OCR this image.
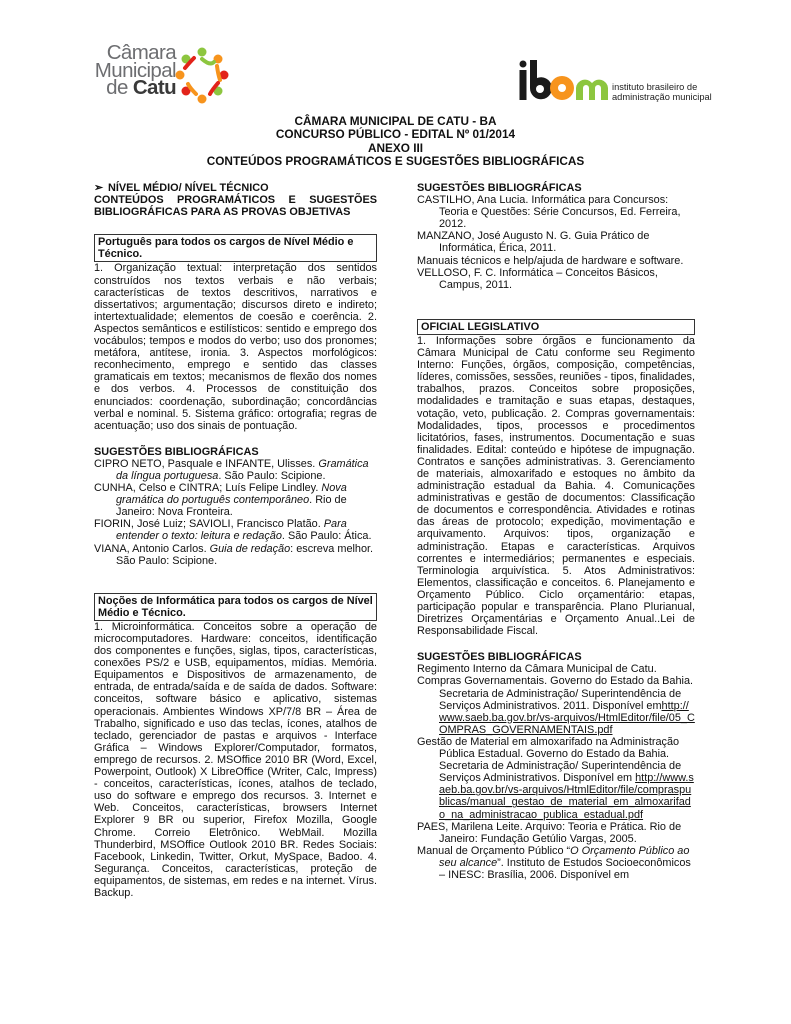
Câmara
Municipal
de Catu	instituto brasileiro de
administração municipal
CÂMARA MUNICIPAL DE CATU - BA
CONCURSO PÚBLICO - EDITAL Nº 01/2014
ANEXO III
CONTEÚDOS PROGRAMÁTICOS E SUGESTÕES BIBLIOGRÁFICAS
➢ NÍVEL MÉDIO/ NÍVEL TÉCNICO

CONTEÚDOS PROGRAMÁTICOS E SUGESTÕES BIBLIOGRÁFICAS PARA AS PROVAS OBJETIVAS

Português para todos os cargos de Nível Médio e Técnico.

1. Organização textual: interpretação dos sentidos construídos nos textos verbais e não verbais; características de textos descritivos, narrativos e dissertativos; argumentação; discursos direto e indireto; intertextualidade; elementos de coesão e coerência. 2. Aspectos semânticos e estilísticos: sentido e emprego dos vocábulos; tempos e modos do verbo; uso dos pronomes; metáfora, antítese, ironia. 3. Aspectos morfológicos: reconhecimento, emprego e sentido das classes gramaticais em textos; mecanismos de flexão dos nomes e dos verbos. 4. Processos de constituição dos enunciados: coordenação, subordinação; concordâncias verbal e nominal. 5. Sistema gráfico: ortografia; regras de acentuação; uso dos sinais de pontuação.

SUGESTÕES BIBLIOGRÁFICAS

CIPRO NETO, Pasquale e INFANTE, Ulisses. Gramática da língua portuguesa. São Paulo: Scipione.

CUNHA, Celso e CINTRA; Luís Felipe Lindley. Nova gramática do português contemporâneo. Rio de Janeiro: Nova Fronteira.

FIORIN, José Luiz; SAVIOLI, Francisco Platão. Para entender o texto: leitura e redação. São Paulo: Ática.

VIANA, Antonio Carlos. Guia de redação: escreva melhor. São Paulo: Scipione.

Noções de Informática para todos os cargos de Nível Médio e Técnico.

1. Microinformática. Conceitos sobre a operação de microcomputadores. Hardware: conceitos, identificação dos componentes e funções, siglas, tipos, características, conexões PS/2 e USB, equipamentos, mídias. Memória. Equipamentos e Dispositivos de armazenamento, de entrada, de entrada/saída e de saída de dados. Software: conceitos, software básico e aplicativo, sistemas operacionais. Ambientes Windows XP/7/8 BR – Área de Trabalho, significado e uso das teclas, ícones, atalhos de teclado, gerenciador de pastas e arquivos - Interface Gráfica – Windows Explorer/Computador, formatos, emprego de recursos. 2. MSOffice 2010 BR (Word, Excel, Powerpoint, Outlook) X LibreOffice (Writer, Calc, Impress) - conceitos, características, ícones, atalhos de teclado, uso do software e emprego dos recursos. 3. Internet e Web. Conceitos, características, browsers Internet Explorer 9 BR ou superior, Firefox Mozilla, Google Chrome. Correio Eletrônico. WebMail. Mozilla Thunderbird, MSOffice Outlook 2010 BR. Redes Sociais: Facebook, Linkedin, Twitter, Orkut, MySpace, Badoo. 4. Segurança. Conceitos, características, proteção de equipamentos, de sistemas, em redes e na internet. Vírus. Backup.

SUGESTÕES BIBLIOGRÁFICAS

CASTILHO, Ana Lucia. Informática para Concursos: Teoria e Questões: Série Concursos, Ed. Ferreira, 2012.

MANZANO, José Augusto N. G. Guia Prático de Informática, Érica, 2011.

Manuais técnicos e help/ajuda de hardware e software.

VELLOSO, F. C. Informática – Conceitos Básicos, Campus, 2011.

OFICIAL LEGISLATIVO

1. Informações sobre órgãos e funcionamento da Câmara Municipal de Catu conforme seu Regimento Interno: Funções, órgãos, composição, competências, líderes, comissões, sessões, reuniões - tipos, finalidades, trabalhos, prazos. Conceitos sobre proposições, modalidades e tramitação e suas etapas, destaques, votação, veto, publicação. 2. Compras governamentais: Modalidades, tipos, processos e procedimentos licitatórios, fases, instrumentos. Documentação e suas finalidades. Edital: conteúdo e hipótese de impugnação. Contratos e sanções administrativas. 3. Gerenciamento de materiais, almoxarifado e estoques no âmbito da administração estadual da Bahia. 4. Comunicações administrativas e gestão de documentos: Classificação de documentos e correspondência. Atividades e rotinas das áreas de protocolo; expedição, movimentação e arquivamento. Arquivos: tipos, organização e administração. Etapas e características. Arquivos correntes e intermediários; permanentes e especiais. Terminologia arquivística. 5. Atos Administrativos: Elementos, classificação e conceitos. 6. Planejamento e Orçamento Público. Ciclo orçamentário: etapas, participação popular e transparência. Plano Plurianual, Diretrizes Orçamentárias e Orçamento Anual..Lei de Responsabilidade Fiscal.

SUGESTÕES BIBLIOGRÁFICAS

Regimento Interno da Câmara Municipal de Catu.

Compras Governamentais. Governo do Estado da Bahia. Secretaria de Administração/ Superintendência de Serviços Administrativos. 2011. Disponível emhttp://www.saeb.ba.gov.br/vs-arquivos/HtmlEditor/file/05_COMPRAS_GOVERNAMENTAIS.pdf

Gestão de Material em almoxarifado na Administração Pública Estadual. Governo do Estado da Bahia. Secretaria de Administração/ Superintendência de Serviços Administrativos. Disponível em http://www.saeb.ba.gov.br/vs-arquivos/HtmlEditor/file/compraspublicas/manual_gestao_de_material_em_almoxarifado_na_administracao_publica_estadual.pdf

PAES, Marilena Leite. Arquivo: Teoria e Prática. Rio de Janeiro: Fundação Getúlio Vargas, 2005.

Manual de Orçamento Público “O Orçamento Público ao seu alcance”. Instituto de Estudos Socioeconômicos – INESC: Brasília, 2006. Disponível em
